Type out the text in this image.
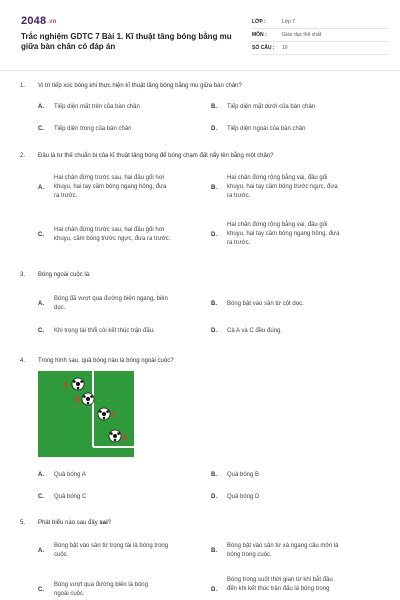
2048.vn
Trắc nghiệm GDTC 7 Bài 1. Kĩ thuật tâng bóng bằng mu giữa bàn chân có đáp án
LỚP :	Lớp 7
MÔN :	Giáo dục thể chất
SỐ CÂU :	10
1. Vị trí tiếp xúc bóng khi thực hiện kĩ thuật tâng bóng bằng mu giữa bàn chân?
A. Tiếp diện mặt trên của bàn chân	B. Tiếp diện mặt dưới của bàn chân
C. Tiếp diện trong của bàn chân	D. Tiếp diện ngoài của bàn chân
2. Đâu là tư thế chuẩn bị của kĩ thuật tâng bóng để bóng chạm đất nẩy lên bằng một chân?
A.
Hai chân đứng trước sau, hai đầu gối hơi
khuỵu, hai tay cầm bóng ngang hông, đưa
ra trước.
B.
Hai chân đứng rộng bằng vai, đầu gối
khuỵu, hai tay cầm bóng trước ngực, đưa
ra trước.
C.
Hai chân đứng trước sau, hai đầu gối hơi
khuỵu, cầm bóng trước ngực, đưa ra trước.
D.
Hai chân đứng rộng bằng vai, đầu gối
khuỵu, hai tay cầm bóng ngang hông, đưa
ra trước.
3. Bóng ngoài cuộc là:
A.
Bóng đã vượt qua đường biên ngang, biên
dọc.
B. Bóng bật vào sân từ cột dọc.
C. Khi trọng tài thổi còi kết thúc trận đấu.	D. Cả A và C đều đúng.
4. Trong hình sau, quả bóng nào là bóng ngoài cuộc?
A
B
C
D
A. Quả bóng A	B. Quả bóng B
C. Quả bóng C	D. Quả bóng D
5. Phát biểu nào sau đây sai?
A.
Bóng bật vào sân từ trọng tài là bóng trong
cuộc.
B.
Bóng bật vào sân từ xà ngang cầu môn là
bóng trong cuộc.
C.
Bóng vượt qua đường biên là bóng
ngoài cuộc.
D.
Bóng trong suốt thời gian từ khi bắt đầu
đến khi kết thúc trận đấu là bóng trong
